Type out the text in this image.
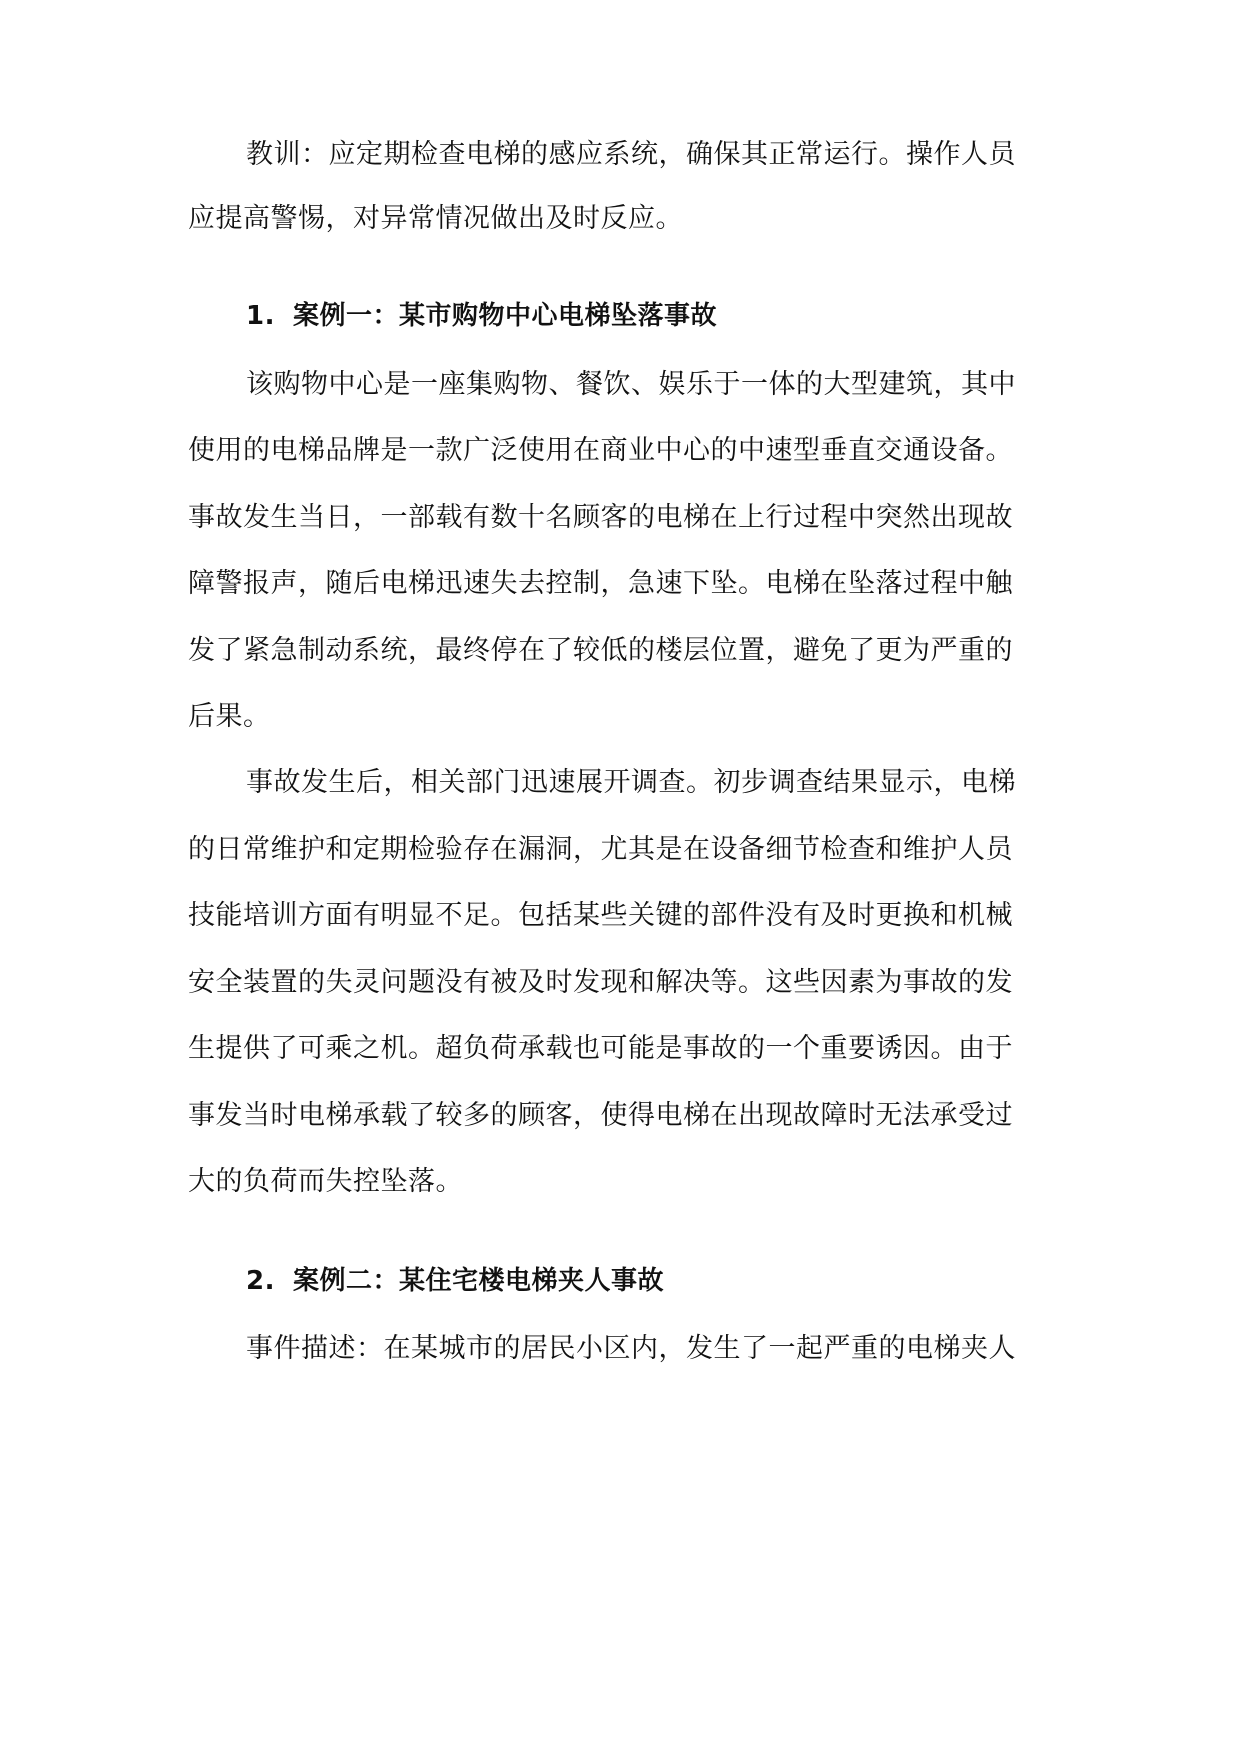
教训：应定期检查电梯的感应系统，确保其正常运行。操作人员
应提高警惕，对异常情况做出及时反应。
1. 案例一：某市购物中心电梯坠落事故
该购物中心是一座集购物、餐饮、娱乐于一体的大型建筑，其中
使用的电梯品牌是一款广泛使用在商业中心的中速型垂直交通设备。
事故发生当日，一部载有数十名顾客的电梯在上行过程中突然出现故
障警报声，随后电梯迅速失去控制，急速下坠。电梯在坠落过程中触
发了紧急制动系统，最终停在了较低的楼层位置，避免了更为严重的
后果。
事故发生后，相关部门迅速展开调查。初步调查结果显示，电梯
的日常维护和定期检验存在漏洞，尤其是在设备细节检查和维护人员
技能培训方面有明显不足。包括某些关键的部件没有及时更换和机械
安全装置的失灵问题没有被及时发现和解决等。这些因素为事故的发
生提供了可乘之机。超负荷承载也可能是事故的一个重要诱因。由于
事发当时电梯承载了较多的顾客，使得电梯在出现故障时无法承受过
大的负荷而失控坠落。
2. 案例二：某住宅楼电梯夹人事故
事件描述：在某城市的居民小区内，发生了一起严重的电梯夹人
